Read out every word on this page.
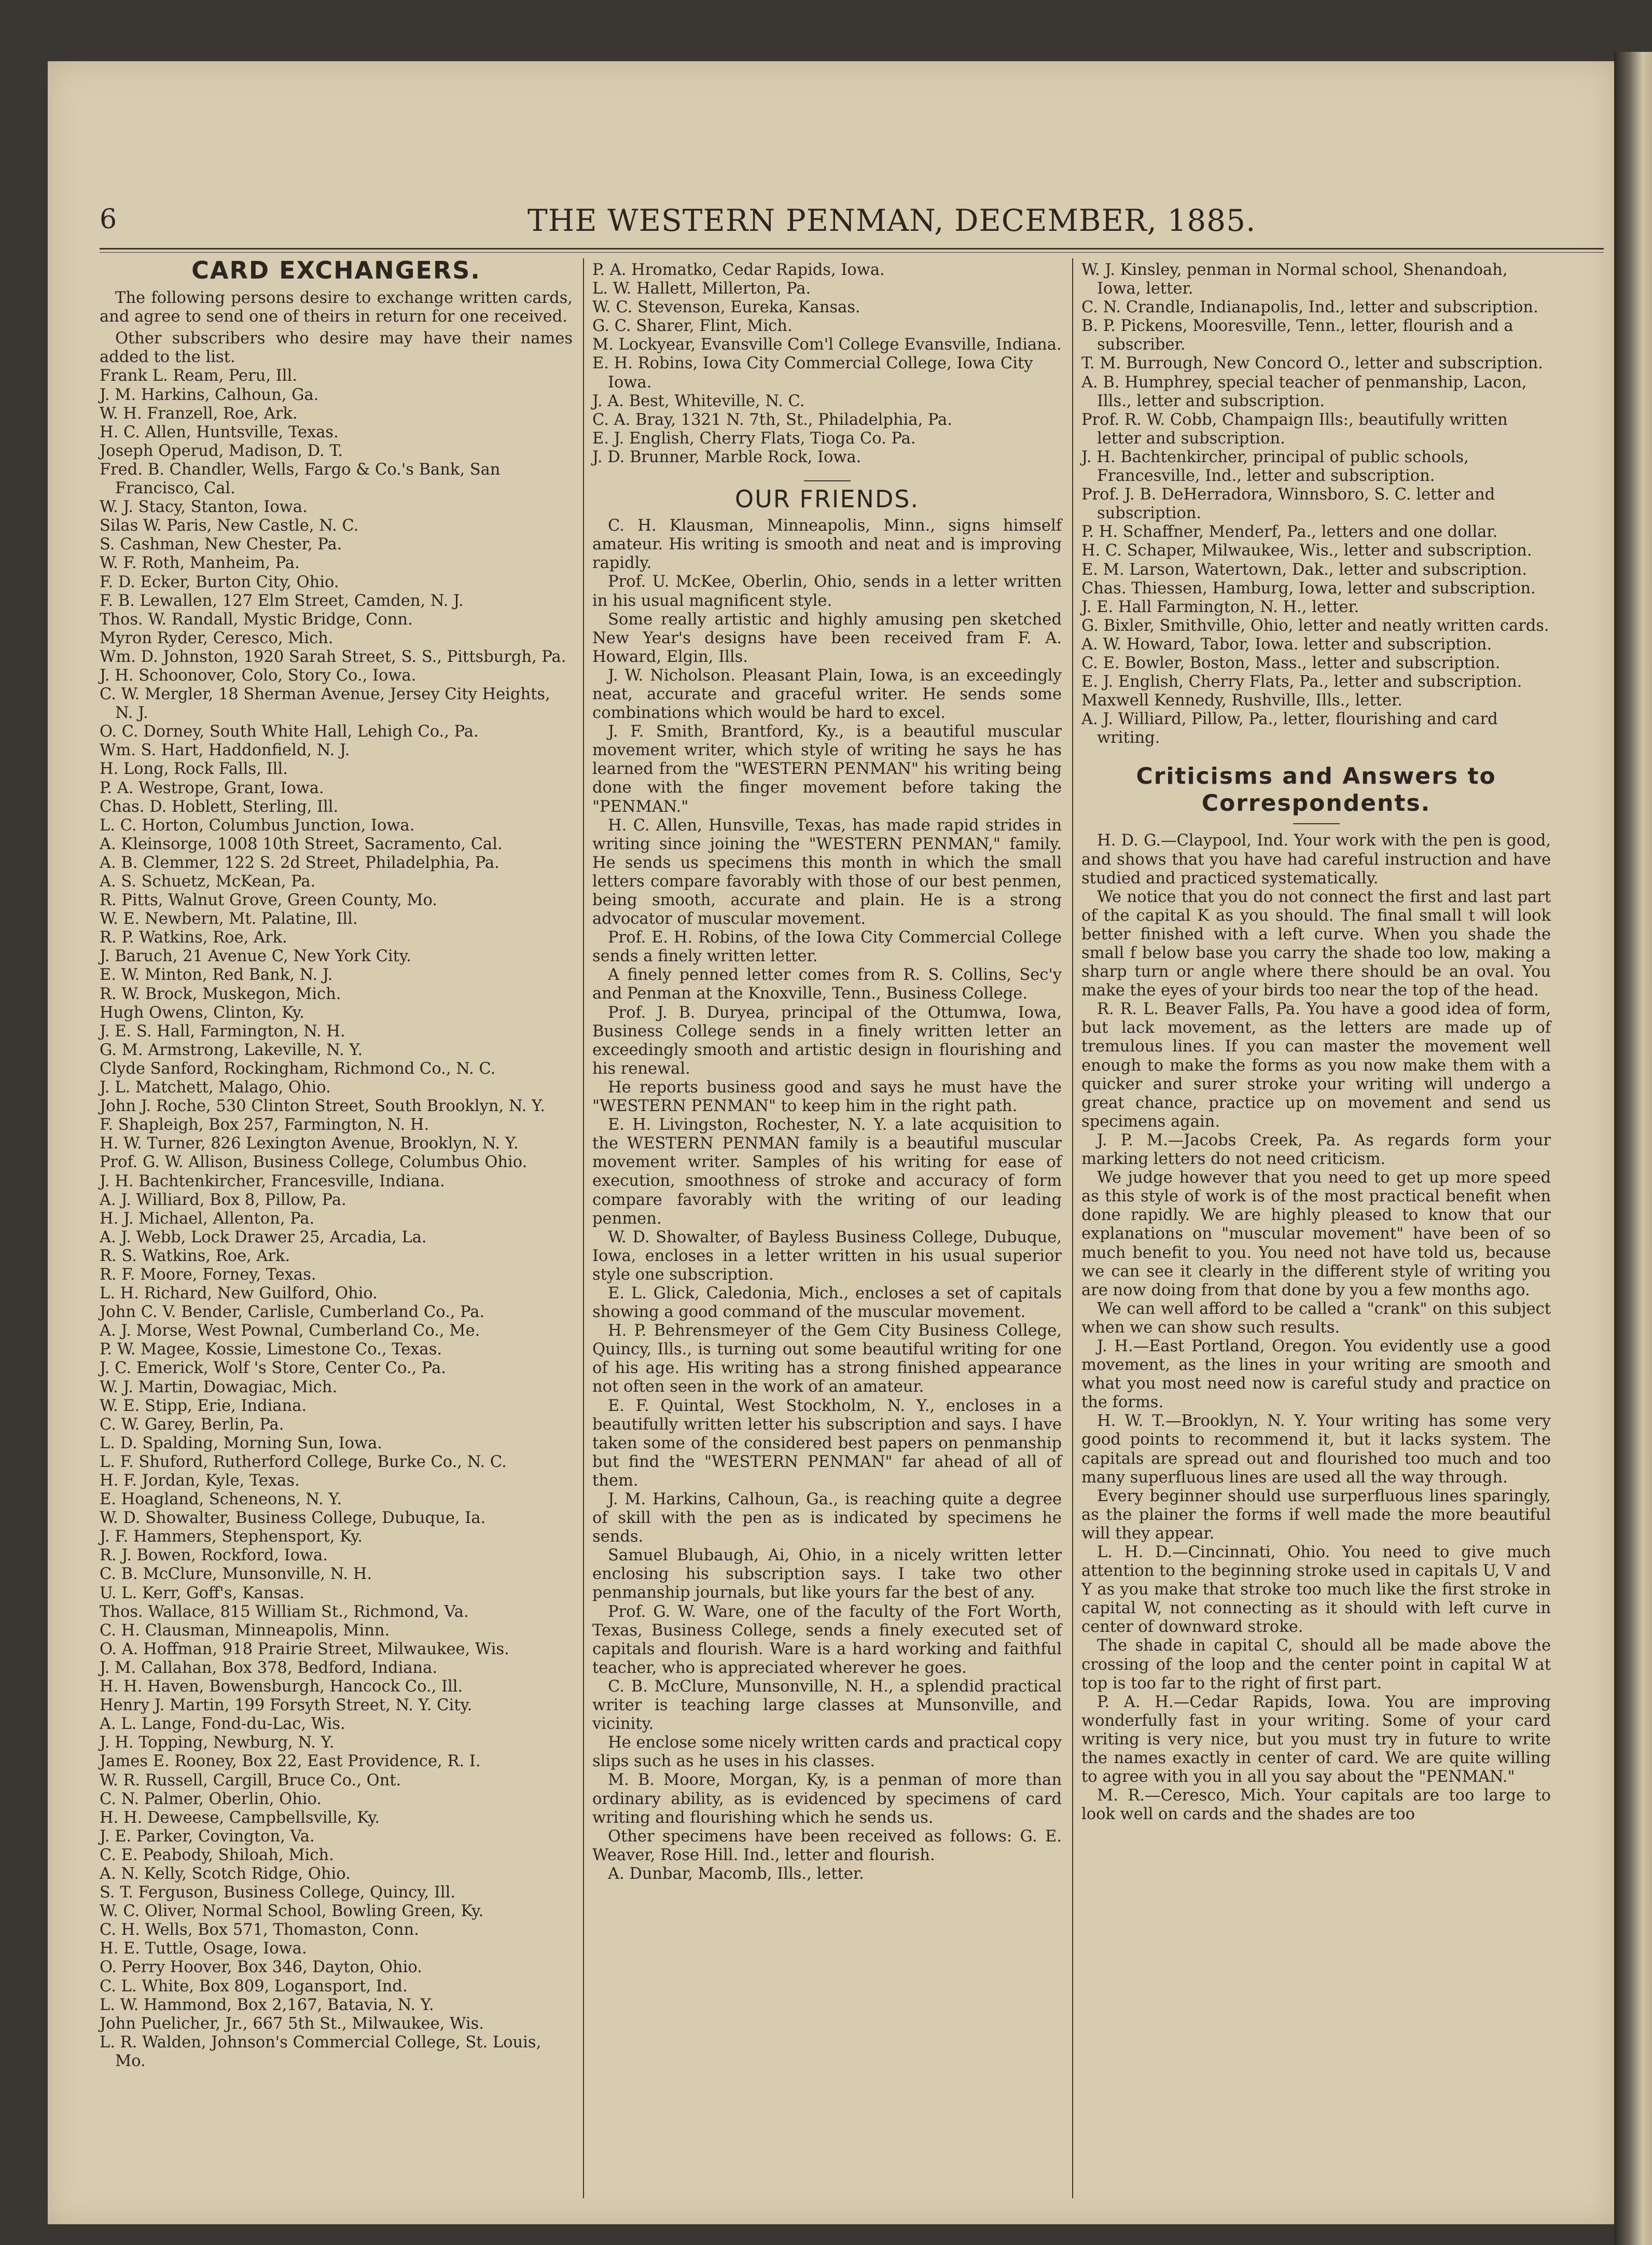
6	THE WESTERN PENMAN, DECEMBER, 1885.
CARD EXCHANGERS.

The following persons desire to exchange written cards, and agree to send one of theirs in return for one received.

Other subscribers who desire may have their names added to the list.

Frank L. Ream, Peru, Ill.
J. M. Harkins, Calhoun, Ga.
W. H. Franzell, Roe, Ark.
H. C. Allen, Huntsville, Texas.
Joseph Operud, Madison, D. T.
Fred. B. Chandler, Wells, Fargo & Co.'s Bank, San Francisco, Cal.
W. J. Stacy, Stanton, Iowa.
Silas W. Paris, New Castle, N. C.
S. Cashman, New Chester, Pa.
W. F. Roth, Manheim, Pa.
F. D. Ecker, Burton City, Ohio.
F. B. Lewallen, 127 Elm Street, Camden, N. J.
Thos. W. Randall, Mystic Bridge, Conn.
Myron Ryder, Ceresco, Mich.
Wm. D. Johnston, 1920 Sarah Street, S. S., Pittsburgh, Pa.
J. H. Schoonover, Colo, Story Co., Iowa.
C. W. Mergler, 18 Sherman Avenue, Jersey City Heights, N. J.
O. C. Dorney, South White Hall, Lehigh Co., Pa.
Wm. S. Hart, Haddonfield, N. J.
H. Long, Rock Falls, Ill.
P. A. Westrope, Grant, Iowa.
Chas. D. Hoblett, Sterling, Ill.
L. C. Horton, Columbus Junction, Iowa.
A. Kleinsorge, 1008 10th Street, Sacramento, Cal.
A. B. Clemmer, 122 S. 2d Street, Philadelphia, Pa.
A. S. Schuetz, McKean, Pa.
R. Pitts, Walnut Grove, Green County, Mo.
W. E. Newbern, Mt. Palatine, Ill.
R. P. Watkins, Roe, Ark.
J. Baruch, 21 Avenue C, New York City.
E. W. Minton, Red Bank, N. J.
R. W. Brock, Muskegon, Mich.
Hugh Owens, Clinton, Ky.
J. E. S. Hall, Farmington, N. H.
G. M. Armstrong, Lakeville, N. Y.
Clyde Sanford, Rockingham, Richmond Co., N. C.
J. L. Matchett, Malago, Ohio.
John J. Roche, 530 Clinton Street, South Brooklyn, N. Y.
F. Shapleigh, Box 257, Farmington, N. H.
H. W. Turner, 826 Lexington Avenue, Brooklyn, N. Y.
Prof. G. W. Allison, Business College, Columbus Ohio.
J. H. Bachtenkircher, Francesville, Indiana.
A. J. Williard, Box 8, Pillow, Pa.
H. J. Michael, Allenton, Pa.
A. J. Webb, Lock Drawer 25, Arcadia, La.
R. S. Watkins, Roe, Ark.
R. F. Moore, Forney, Texas.
L. H. Richard, New Guilford, Ohio.
John C. V. Bender, Carlisle, Cumberland Co., Pa.
A. J. Morse, West Pownal, Cumberland Co., Me.
P. W. Magee, Kossie, Limestone Co., Texas.
J. C. Emerick, Wolf 's Store, Center Co., Pa.
W. J. Martin, Dowagiac, Mich.
W. E. Stipp, Erie, Indiana.
C. W. Garey, Berlin, Pa.
L. D. Spalding, Morning Sun, Iowa.
L. F. Shuford, Rutherford College, Burke Co., N. C.
H. F. Jordan, Kyle, Texas.
E. Hoagland, Scheneons, N. Y.
W. D. Showalter, Business College, Dubuque, Ia.
J. F. Hammers, Stephensport, Ky.
R. J. Bowen, Rockford, Iowa.
C. B. McClure, Munsonville, N. H.
U. L. Kerr, Goff's, Kansas.
Thos. Wallace, 815 William St., Richmond, Va.
C. H. Clausman, Minneapolis, Minn.
O. A. Hoffman, 918 Prairie Street, Milwaukee, Wis.
J. M. Callahan, Box 378, Bedford, Indiana.
H. H. Haven, Bowensburgh, Hancock Co., Ill.
Henry J. Martin, 199 Forsyth Street, N. Y. City.
A. L. Lange, Fond-du-Lac, Wis.
J. H. Topping, Newburg, N. Y.
James E. Rooney, Box 22, East Providence, R. I.
W. R. Russell, Cargill, Bruce Co., Ont.
C. N. Palmer, Oberlin, Ohio.
H. H. Deweese, Campbellsville, Ky.
J. E. Parker, Covington, Va.
C. E. Peabody, Shiloah, Mich.
A. N. Kelly, Scotch Ridge, Ohio.
S. T. Ferguson, Business College, Quincy, Ill.
W. C. Oliver, Normal School, Bowling Green, Ky.
C. H. Wells, Box 571, Thomaston, Conn.
H. E. Tuttle, Osage, Iowa.
O. Perry Hoover, Box 346, Dayton, Ohio.
C. L. White, Box 809, Logansport, Ind.
L. W. Hammond, Box 2,167, Batavia, N. Y.
John Puelicher, Jr., 667 5th St., Milwaukee, Wis.
L. R. Walden, Johnson's Commercial College, St. Louis, Mo.
P. A. Hromatko, Cedar Rapids, Iowa.
L. W. Hallett, Millerton, Pa.
W. C. Stevenson, Eureka, Kansas.
G. C. Sharer, Flint, Mich.
M. Lockyear, Evansville Com'l College Evansville, Indiana.
E. H. Robins, Iowa City Commercial College, Iowa City Iowa.
J. A. Best, Whiteville, N. C.
C. A. Bray, 1321 N. 7th, St., Philadelphia, Pa.
E. J. English, Cherry Flats, Tioga Co. Pa.
J. D. Brunner, Marble Rock, Iowa.
OUR FRIENDS.

C. H. Klausman, Minneapolis, Minn., signs himself amateur. His writing is smooth and neat and is improving rapidly.

Prof. U. McKee, Oberlin, Ohio, sends in a letter written in his usual magnificent style.

Some really artistic and highly amusing pen sketched New Year's designs have been received fram F. A. Howard, Elgin, Ills.

J. W. Nicholson. Pleasant Plain, Iowa, is an exceedingly neat, accurate and graceful writer. He sends some combinations which would be hard to excel.

J. F. Smith, Brantford, Ky., is a beautiful muscular movement writer, which style of writing he says he has learned from the "WESTERN PENMAN" his writing being done with the finger movement before taking the "PENMAN."

H. C. Allen, Hunsville, Texas, has made rapid strides in writing since joining the "WESTERN PENMAN," family. He sends us specimens this month in which the small letters compare favorably with those of our best penmen, being smooth, accurate and plain. He is a strong advocator of muscular movement.

Prof. E. H. Robins, of the Iowa City Commercial College sends a finely written letter.

A finely penned letter comes from R. S. Collins, Sec'y and Penman at the Knoxville, Tenn., Business College.

Prof. J. B. Duryea, principal of the Ottumwa, Iowa, Business College sends in a finely written letter an exceedingly smooth and artistic design in flourishing and his renewal.

He reports business good and says he must have the "WESTERN PENMAN" to keep him in the right path.

E. H. Livingston, Rochester, N. Y. a late acquisition to the WESTERN PENMAN family is a beautiful muscular movement writer. Samples of his writing for ease of execution, smoothness of stroke and accuracy of form compare favorably with the writing of our leading penmen.

W. D. Showalter, of Bayless Business College, Dubuque, Iowa, encloses in a letter written in his usual superior style one subscription.

E. L. Glick, Caledonia, Mich., encloses a set of capitals showing a good command of the muscular movement.

H. P. Behrensmeyer of the Gem City Business College, Quincy, Ills., is turning out some beautiful writing for one of his age. His writing has a strong finished appearance not often seen in the work of an amateur.

E. F. Quintal, West Stockholm, N. Y., encloses in a beautifully written letter his subscription and says. I have taken some of the considered best papers on penmanship but find the "WESTERN PENMAN" far ahead of all of them.

J. M. Harkins, Calhoun, Ga., is reaching quite a degree of skill with the pen as is indicated by specimens he sends.

Samuel Blubaugh, Ai, Ohio, in a nicely written letter enclosing his subscription says. I take two other penmanship journals, but like yours far the best of any.

Prof. G. W. Ware, one of the faculty of the Fort Worth, Texas, Business College, sends a finely executed set of capitals and flourish. Ware is a hard working and faithful teacher, who is appreciated wherever he goes.

C. B. McClure, Munsonville, N. H., a splendid practical writer is teaching large classes at Munsonville, and vicinity.

He enclose some nicely written cards and practical copy slips such as he uses in his classes.

M. B. Moore, Morgan, Ky, is a penman of more than ordinary ability, as is evidenced by specimens of card writing and flourishing which he sends us.

Other specimens have been received as follows: G. E. Weaver, Rose Hill. Ind., letter and flourish.

A. Dunbar, Macomb, Ills., letter.

W. J. Kinsley, penman in Normal school, Shenandoah, Iowa, letter.
C. N. Crandle, Indianapolis, Ind., letter and subscription.
B. P. Pickens, Mooresville, Tenn., letter, flourish and a subscriber.
T. M. Burrough, New Concord O., letter and subscription.
A. B. Humphrey, special teacher of penmanship, Lacon, Ills., letter and subscription.
Prof. R. W. Cobb, Champaign Ills:, beautifully written letter and subscription.
J. H. Bachtenkircher, principal of public schools, Francesville, Ind., letter and subscription.
Prof. J. B. DeHerradora, Winnsboro, S. C. letter and subscription.
P. H. Schaffner, Menderf, Pa., letters and one dollar.
H. C. Schaper, Milwaukee, Wis., letter and subscription.
E. M. Larson, Watertown, Dak., letter and subscription.
Chas. Thiessen, Hamburg, Iowa, letter and subscription.
J. E. Hall Farmington, N. H., letter.
G. Bixler, Smithville, Ohio, letter and neatly written cards.
A. W. Howard, Tabor, Iowa. letter and subscription.
C. E. Bowler, Boston, Mass., letter and subscription.
E. J. English, Cherry Flats, Pa., letter and subscription.
Maxwell Kennedy, Rushville, Ills., letter.
A. J. Williard, Pillow, Pa., letter, flourishing and card writing.
Criticisms and Answers to Correspondents.

H. D. G.—Claypool, Ind. Your work with the pen is good, and shows that you have had careful instruction and have studied and practiced systematically.

We notice that you do not connect the first and last part of the capital K as you should. The final small t will look better finished with a left curve. When you shade the small f below base you carry the shade too low, making a sharp turn or angle where there should be an oval. You make the eyes of your birds too near the top of the head.

R. R. L. Beaver Falls, Pa. You have a good idea of form, but lack movement, as the letters are made up of tremulous lines. If you can master the movement well enough to make the forms as you now make them with a quicker and surer stroke your writing will undergo a great chance, practice up on movement and send us specimens again.

J. P. M.—Jacobs Creek, Pa. As regards form your marking letters do not need criticism.

We judge however that you need to get up more speed as this style of work is of the most practical benefit when done rapidly. We are highly pleased to know that our explanations on "muscular movement" have been of so much benefit to you. You need not have told us, because we can see it clearly in the different style of writing you are now doing from that done by you a few months ago.

We can well afford to be called a "crank" on this subject when we can show such results.

J. H.—East Portland, Oregon. You evidently use a good movement, as the lines in your writing are smooth and what you most need now is careful study and practice on the forms.

H. W. T.—Brooklyn, N. Y. Your writing has some very good points to recommend it, but it lacks system. The capitals are spread out and flourished too much and too many superfluous lines are used all the way through.

Every beginner should use surperfluous lines sparingly, as the plainer the forms if well made the more beautiful will they appear.

L. H. D.—Cincinnati, Ohio. You need to give much attention to the beginning stroke used in capitals U, V and Y as you make that stroke too much like the first stroke in capital W, not connecting as it should with left curve in center of downward stroke.

The shade in capital C, should all be made above the crossing of the loop and the center point in capital W at top is too far to the right of first part.

P. A. H.—Cedar Rapids, Iowa. You are improving wonderfully fast in your writing. Some of your card writing is very nice, but you must try in future to write the names exactly in center of card. We are quite willing to agree with you in all you say about the "PENMAN."

M. R.—Ceresco, Mich. Your capitals are too large to look well on cards and the shades are too
